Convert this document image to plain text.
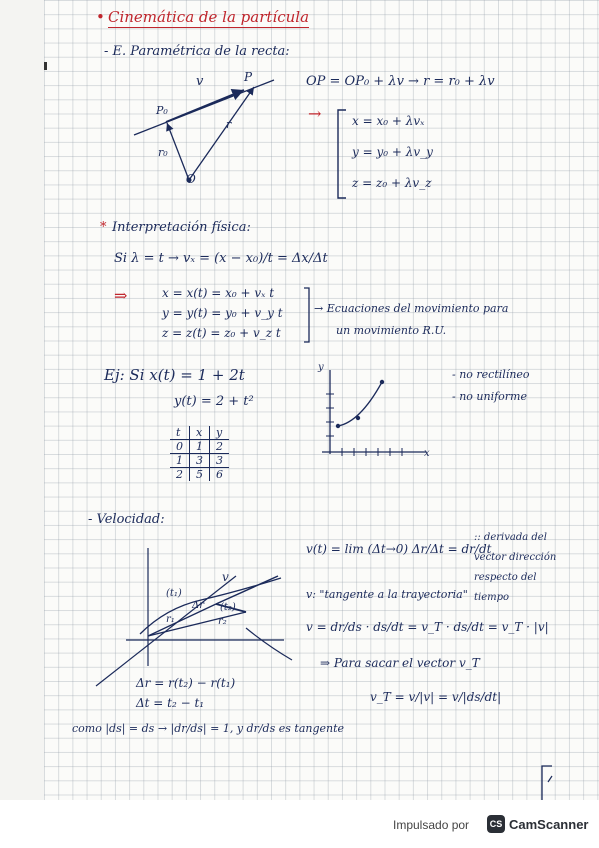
• Cinemática de la partícula
- E. Paramétrica de la recta:
v	P
P₀
r
r₀
O
OP = OP₀ + λv → r = r₀ + λv
→	x = x₀ + λvₓ
y = y₀ + λv_y
z = z₀ + λv_z
* Interpretación física:
Si λ = t → vₓ = (x − x₀)/t = Δx/Δt
⇒	x = x(t) = x₀ + vₓ t
y = y(t) = y₀ + v_y t
z = z(t) = z₀ + v_z t
→ Ecuaciones del movimiento para
un movimiento R.U.
Ej: Si x(t) = 1 + 2t
y(t) = 2 + t²
t	x	y
0	1	2
1	3	3
2	5	6
y
x
- no rectilíneo
- no uniforme
- Velocidad:
v(t) = lim (Δt→0) Δr/Δt = dr/dt
:: derivada del vector dirección respecto del tiempo
v: "tangente a la trayectoria"
v = dr/ds · ds/dt = v_T · ds/dt = v_T · |v|
⇒ Para sacar el vector v_T
v_T = v/|v| = v/|ds/dt|
v
(t₁)
(t₂)
Δr
r₁	r₂
Δr = r(t₂) − r(t₁)
Δt = t₂ − t₁
como |ds| = ds → |dr/ds| = 1, y dr/ds es tangente
Impulsado por	CS CamScanner
